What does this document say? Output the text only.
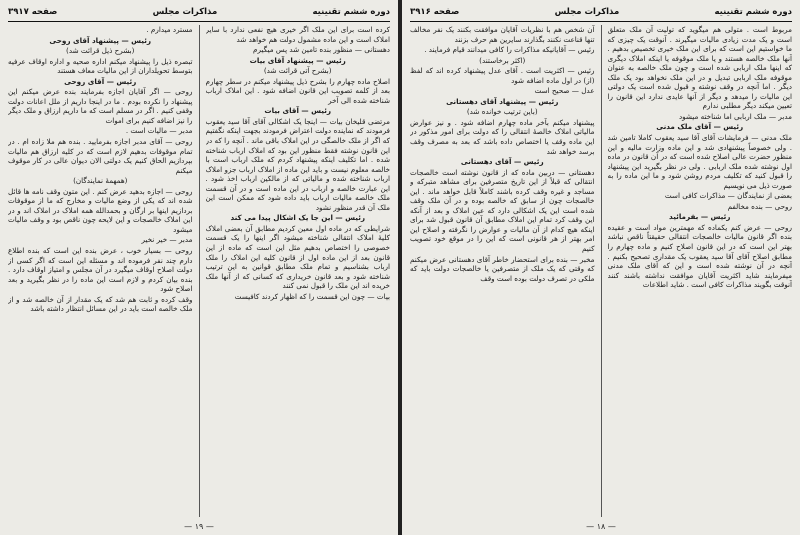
دوره ششم تقنینیه
مذاکرات مجلس
صفحه ۳۹۱۷

کرده است برای این ملک اگر خیری هیچ نفعی ندارد با سایر املاک است و این ماده مشمول دولت هم خواهد شد

دهستانی — منظور بنده تامین شد پس میگیرم

رئیس — پیشنهاد آقای بیات

(بشرح آتی قرائت شد)

اصلاح ماده چهارم را بشرح ذیل پیشنهاد میکنم در سطر چهارم بعد از کلمه تصویب این قانون اضافه شود . این املاک ارباب شناخته شده الی آخر

رئیس — آقای بیات

مرتضی قلیخان بیات — اینجا یک اشکالی آقای آقا سید یعقوب فرمودند که نماینده دولت اعتراض فرمودند بجهت اینکه نگفتیم که اگر از ملک خالصگی در این املاک باقی ماند . آنچه را که در این قانون نوشته فقط منظور این بود که املاک ارباب شناخته شده . اما تکلیف اینکه پیشنهاد کردم که ملک ارباب است با خالصه معلوم نیست و باید این ماده از املاک ارباب جزو املاک ارباب شناخته شده و مالیاتی که از مالکین ارباب اخذ شود . این عبارت خالصه و ارباب در این ماده است و در آن قسمت ملک خالصه مالیات ارباب باید داده شود که ممکن است این ملک آن قدر منظور نشود

رئیس — این جا یک اشکال پیدا می کند

شرایطی که در ماده اول معین کردیم مطابق آن بعضی املاک کلیهٔ املاک انتقالی شناخته میشود اگر اینها را یک قسمت خصوصی را اختصاص بدهیم مثل این است که ماده از این قانون بعد از این ماده اول از قانون کلیه این املاک را ملک ارباب بشناسیم و تمام ملک مطابق قوانین به این ترتیب شناخته شود و بعد قانون خریداری که کسانی که از آنها ملک خریده اند این ملک را قبول نمی کنند

بیات — چون این قسمت را که اظهار کردند کافیست

مسترد میدارم .

رئیس — پیشنهاد آقای روحی

(بشرح ذیل قرائت شد)

تبصره ذیل را پیشنهاد میکنم اداره صحیه و اداره اوقاف عرفیه بتوسط تحویلداران از این مالیات معاف هستند

رئیس — آقای روحی

روحی — اگر آقایان اجازه بفرمایند بنده عرض میکنم این پیشنهاد را نکرده بودم . ما در اینجا داریم از ملل اعانات دولت وقفی کنیم . اگر در مسلم است که ما داریم ارزاق و ملک دیگر را نیز اضافه کنیم برای اموات

مدبر — مالیات است .

روحی — آقای مدبر اجازه بفرمایید . بنده هم ملا زاده ام . در تمام موقوفات بدهیم لازم است که در کلیه ارزاق هم مالیات بپردازیم الحاق کنیم یک دولتی الان دیوان عالی در کار موقوف میکنم

(همهمهٔ نمایندگان)

روحی — اجازه بدهید عرض کنم . این متون وقف نامه ها قائل شده اند که یکی از وضع مالیات و مخارج که ما از موقوفات بردازیم اینها بر ارگان و بحمدالله همه املاک در املاک اند و در این املاک خالصجات و این لایحه چون ناقص بود و وقف مالیات میشود

مدبر — خیر نخیر

روحی — بسیار خوب ، عرض بنده این است که بنده اطلاع دارم چند نفر فرموده اند و مسئله این است که اگر کسی از دولت اصلاح اوقاف میگیرد در آن مجلس و امتیاز اوقاف دارد . بنده بیان کردم و لازم است این ماده را در نظر بگیرید و بعد اصلاح شود

وقف کرده و ثابت هم شد که یک مقدار از آن خالصه شد و از ملک خالصه است باید در این مسائل انتظار داشته باشد

— ۱۹ —
دوره ششم تقنینیه
مذاکرات مجلس
صفحه ۳۹۱۶

مربوط است . متولی هم میگوید که تولیت آن ملک متعلق است و یک مدت زیادی مالیات میگیرند . آنوقت یک چیزی که ما خواستیم این است که برای این ملک خیری تخصیص بدهیم . آنها ملک خالصه هستند و یا ملک موقوفه یا اینکه املاک دیگری که اینها ملک اربابی شده است و چون ملک خالصه به عنوان موقوفه ملک اربابی تبدیل و در این ملک نخواهد بود یک ملک دیگر . اما آنچه در وقف نوشته و قبول شده است یک دولتی این مالیات را میدهد و دیگر از آنها عایدی ندارد این قانون را تعیین میکند دیگر مطلبی ندارم

مدبر — ملک اربابی اما شناخته میشود

رئیس — آقای ملک مدنی

ملک مدنی — فرمایشات آقای آقا سید یعقوب کاملا تامین شد . ولی خصوصاً پیشنهادی شد و این ماده وزارت مالیه و این منظور حضرت عالی اصلاح شده است که در آن قانون در ماده اول نوشته شده ملک اربابی . ولی در نظر بگیرید این پیشنهاد را قبول کنید که تکلیف مردم روشن شود و ما این ماده را به صورت ذیل می نویسیم

بعضی از نمایندگان — مذاکرات کافی است

روحی — بنده مخالفم

رئیس — بفرمائید

روحی — عرض کنم یکماده که مهمترین مواد است و عقیده بنده اگر قانون مالیات خالصجات انتقالی حقیقتاً ناقص نباشد بهتر این است که در این قانون اصلاح کنیم و ماده چهارم را مطابق اصلاح آقای آقا سید یعقوب یک مقداری تصحیح بکنیم . آنچه در آن نوشته شده است و این که آقای ملک مدنی میفرمایند شاید اکثریت آقایان موافقت نداشته باشند کنند آنوقت بگویند مذاکرات کافی است . شاید اطلاعات

آن شخص هم با نظریات آقایان موافقت بکنند یک نفر مخالف تنها قناعت نکنند بگذارند سایرین هم حرف بزنند

رئیس — آقایانیکه مذاکرات را کافی میدانند قیام فرمایند .

(اکثر برخاستند)

رئیس — اکثریت است . آقای عدل پیشنهاد کرده اند که لفظ (از) در اول ماده اضافه شود

عدل — صحیح است

رئیس — پیشنهاد آقای دهستانی

(باین ترتیب خوانده شد)

پیشنهاد میکنم بآخر ماده چهارم اضافه شود . و نیز عوارض مالیاتی املاک خالصهٔ انتقالی را که دولت برای امور مذکور در این ماده وقف یا اختصاص داده باشد که بعد به مصرف وقف برسد خواهد شد

رئیس — آقای دهستانی

دهستانی — دربین ماده که از قانون نوشته است خالصجات انتقالی که قبلاً از این تاریخ متصرفین برای مشاهد متبرکه و مساجد و غیره وقف کرده باشند کاملاً قابل خواهد ماند . این خالصجات چون از سابق که خالصه بوده و در آن ملک وقف شده است این یک اشکالی دارد که عین املاک و بعد از آنکه این وقف کرد تمام این املاک مطابق آن قانون قبول شد برای اینکه هیچ کدام از آن مالیات و عوارض را نگرفته و اصلاح این امر بهتر از هر قانونی است که این را در موقع خود تصویب کنیم

مخبر — بنده برای استحضار خاطر آقای دهستانی عرض میکنم که وقتی که یک ملک از متصرفین یا خالصجات دولت باید که ملکی در تصرف دولت بوده است وقف

— ۱۸ —
